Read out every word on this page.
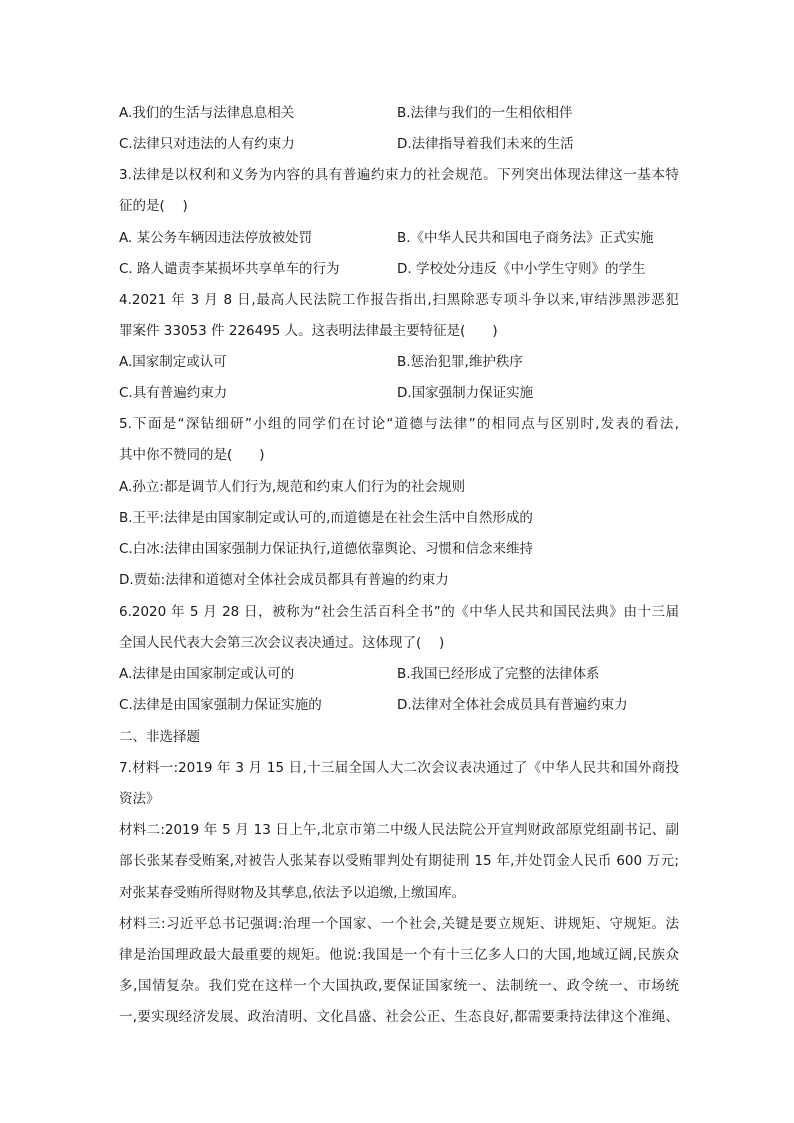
A.我们的生活与法律息息相关	B.法律与我们的一生相依相伴
C.法律只对违法的人有约束力	D.法律指导着我们未来的生活
3.法律是以权利和义务为内容的具有普遍约束力的社会规范。下列突出体现法律这一基本特
征的是(　 )
A. 某公务车辆因违法停放被处罚	B.《中华人民共和国电子商务法》正式实施
C. 路人谴责李某损坏共享单车的行为	D. 学校处分违反《中小学生守则》的学生
4.2021 年 3 月 8 日,最高人民法院工作报告指出,扫黑除恶专项斗争以来,审结涉黑涉恶犯
罪案件 33053 件 226495 人。这表明法律最主要特征是(　　)
A.国家制定或认可	B.惩治犯罪,维护秩序
C.具有普遍约束力	D.国家强制力保证实施
5.下面是“深钻细研”小组的同学们在讨论“道德与法律”的相同点与区别时,发表的看法,
其中你不赞同的是(　　)
A.孙立:都是调节人们行为,规范和约束人们行为的社会规则
B.王平:法律是由国家制定或认可的,而道德是在社会生活中自然形成的
C.白冰:法律由国家强制力保证执行,道德依靠舆论、习惯和信念来维持
D.贾茹:法律和道德对全体社会成员都具有普遍的约束力
6.2020 年 5 月 28 日，被称为“社会生活百科全书”的《中华人民共和国民法典》由十三届
全国人民代表大会第三次会议表决通过。这体现了(　 )
A.法律是由国家制定或认可的	B.我国已经形成了完整的法律体系
C.法律是由国家强制力保证实施的	D.法律对全体社会成员具有普遍约束力
二、非选择题
7.材料一:2019 年 3 月 15 日,十三届全国人大二次会议表决通过了《中华人民共和国外商投
资法》
材料二:2019 年 5 月 13 日上午,北京市第二中级人民法院公开宣判财政部原党组副书记、副
部长张某春受贿案,对被告人张某春以受贿罪判处有期徒刑 15 年,并处罚金人民币 600 万元;
对张某春受贿所得财物及其孳息,依法予以追缴,上缴国库。
材料三:习近平总书记强调:治理一个国家、一个社会,关键是要立规矩、讲规矩、守规矩。法
律是治国理政最大最重要的规矩。他说:我国是一个有十三亿多人口的大国,地域辽阔,民族众
多,国情复杂。我们党在这样一个大国执政,要保证国家统一、法制统一、政令统一、市场统
一,要实现经济发展、政治清明、文化昌盛、社会公正、生态良好,都需要秉持法律这个准绳、
